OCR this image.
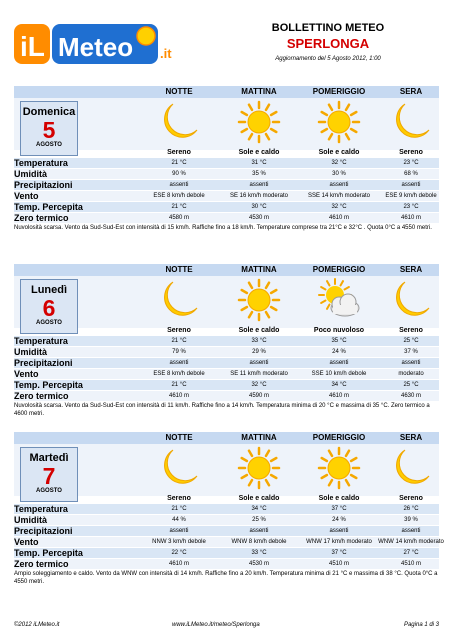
iL Meteo .it
BOLLETTINO METEO
SPERLONGA
Aggiornamento del 5 Agosto 2012, 1:00
NOTTE	MATTINA	POMERIGGIO	SERA
Domenica
5
AGOSTO
Sereno	Sole e caldo	Sole e caldo	Sereno
Temperatura	21 °C	31 °C	32 °C	23 °C
Umidità	90 %	35 %	30 %	68 %
Precipitazioni	assenti	assenti	assenti	assenti
Vento	ESE 8 km/h debole	SE 16 km/h moderato	SSE 14 km/h moderato	ESE 9 km/h debole
Temp. Percepita	21 °C	30 °C	32 °C	23 °C
Zero termico	4580 m	4530 m	4610 m	4610 m
Nuvolosità scarsa. Vento da Sud-Sud-Est con intensità di 15 km/h. Raffiche fino a 18 km/h. Temperature comprese tra 21°C e 32°C . Quota 0°C a 4550 metri.
NOTTE	MATTINA	POMERIGGIO	SERA
Lunedì
6
AGOSTO
Sereno	Sole e caldo	Poco nuvoloso	Sereno
Temperatura	21 °C	33 °C	35 °C	25 °C
Umidità	79 %	29 %	24 %	37 %
Precipitazioni	assenti	assenti	assenti	assenti
Vento	ESE 8 km/h debole	SE 11 km/h moderato	SSE 10 km/h debole	moderato
Temp. Percepita	21 °C	32 °C	34 °C	25 °C
Zero termico	4610 m	4590 m	4610 m	4630 m
Nuvolosità scarsa. Vento da Sud-Sud-Est con intensità di 11 km/h. Raffiche fino a 14 km/h. Temperatura minima di 20 °C e massima di 35 °C. Zero termico a 4600 metri.
NOTTE	MATTINA	POMERIGGIO	SERA
Martedì
7
AGOSTO
Sereno	Sole e caldo	Sole e caldo	Sereno
Temperatura	21 °C	34 °C	37 °C	26 °C
Umidità	44 %	25 %	24 %	39 %
Precipitazioni	assenti	assenti	assenti	assenti
Vento	NNW 3 km/h debole	WNW 8 km/h debole	WNW 17 km/h moderato	WNW 14 km/h moderato
Temp. Percepita	22 °C	33 °C	37 °C	27 °C
Zero termico	4610 m	4530 m	4510 m	4510 m
Ampio soleggiamento e caldo. Vento da WNW con intensità di 14 km/h. Raffiche fino a 20 km/h. Temperatura minima di 21 °C e massima di 38 °C. Quota 0°C a 4550 metri.
©2012 iLMeteo.it	www.iLMeteo.it/meteo/Sperlonga	Pagina 1 di 3
